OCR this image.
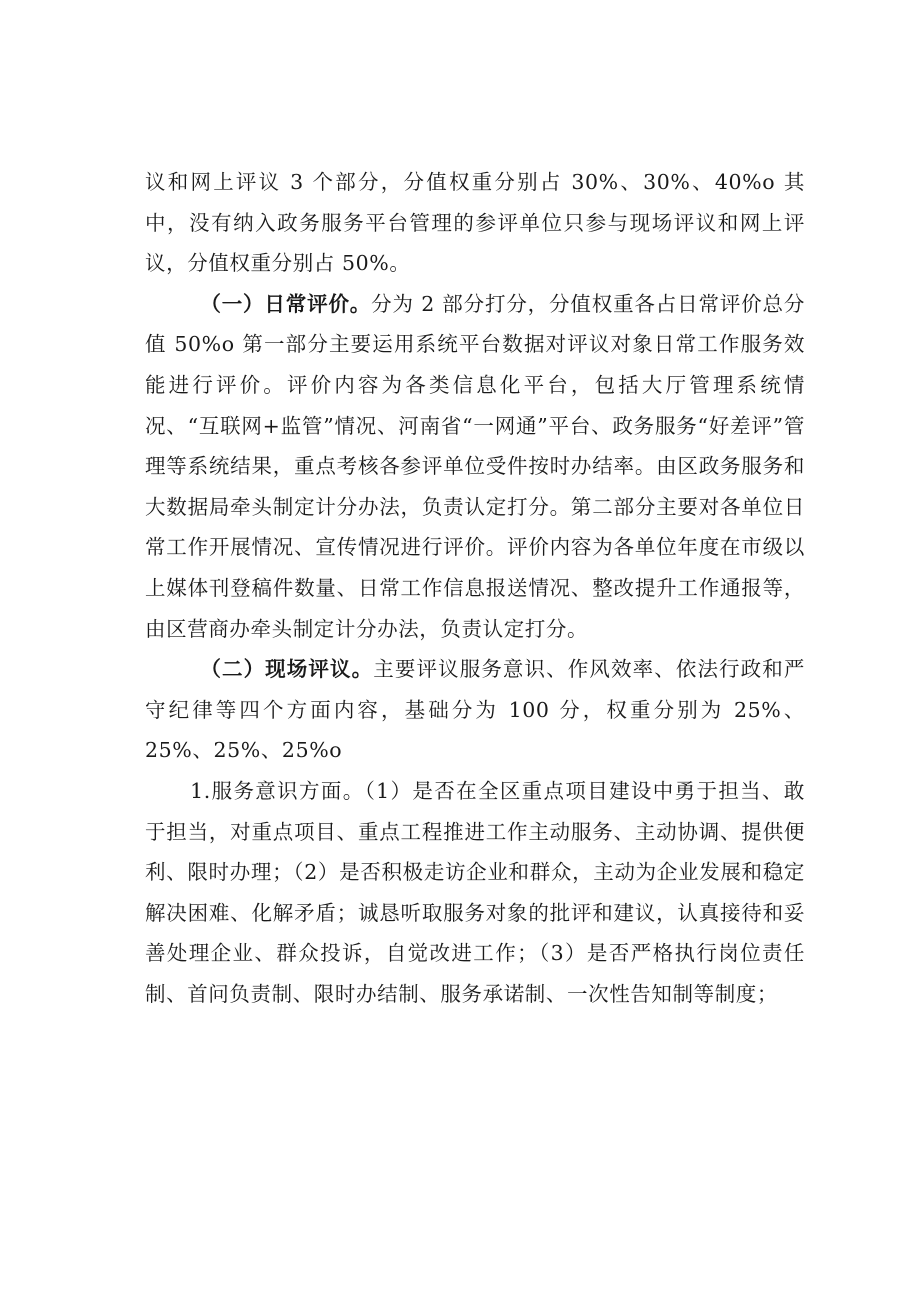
议和网上评议 3 个部分，分值权重分别占 30%、30%、40%o 其中，没有纳入政务服务平台管理的参评单位只参与现场评议和网上评议，分值权重分别占 50%。

（一）日常评价。分为 2 部分打分，分值权重各占日常评价总分值 50%o 第一部分主要运用系统平台数据对评议对象日常工作服务效能进行评价。评价内容为各类信息化平台，包括大厅管理系统情况、“互联网+监管”情况、河南省“一网通”平台、政务服务“好差评”管理等系统结果，重点考核各参评单位受件按时办结率。由区政务服务和大数据局牵头制定计分办法，负责认定打分。第二部分主要对各单位日常工作开展情况、宣传情况进行评价。评价内容为各单位年度在市级以上媒体刊登稿件数量、日常工作信息报送情况、整改提升工作通报等，由区营商办牵头制定计分办法，负责认定打分。

（二）现场评议。主要评议服务意识、作风效率、依法行政和严守纪律等四个方面内容，基础分为 100 分，权重分别为 25%、25%、25%、25%o

1.服务意识方面。（1）是否在全区重点项目建设中勇于担当、敢于担当，对重点项目、重点工程推进工作主动服务、主动协调、提供便利、限时办理；（2）是否积极走访企业和群众，主动为企业发展和稳定解决困难、化解矛盾；诚恳听取服务对象的批评和建议，认真接待和妥善处理企业、群众投诉，自觉改进工作；（3）是否严格执行岗位责任制、首问负责制、限时办结制、服务承诺制、一次性告知制等制度；
